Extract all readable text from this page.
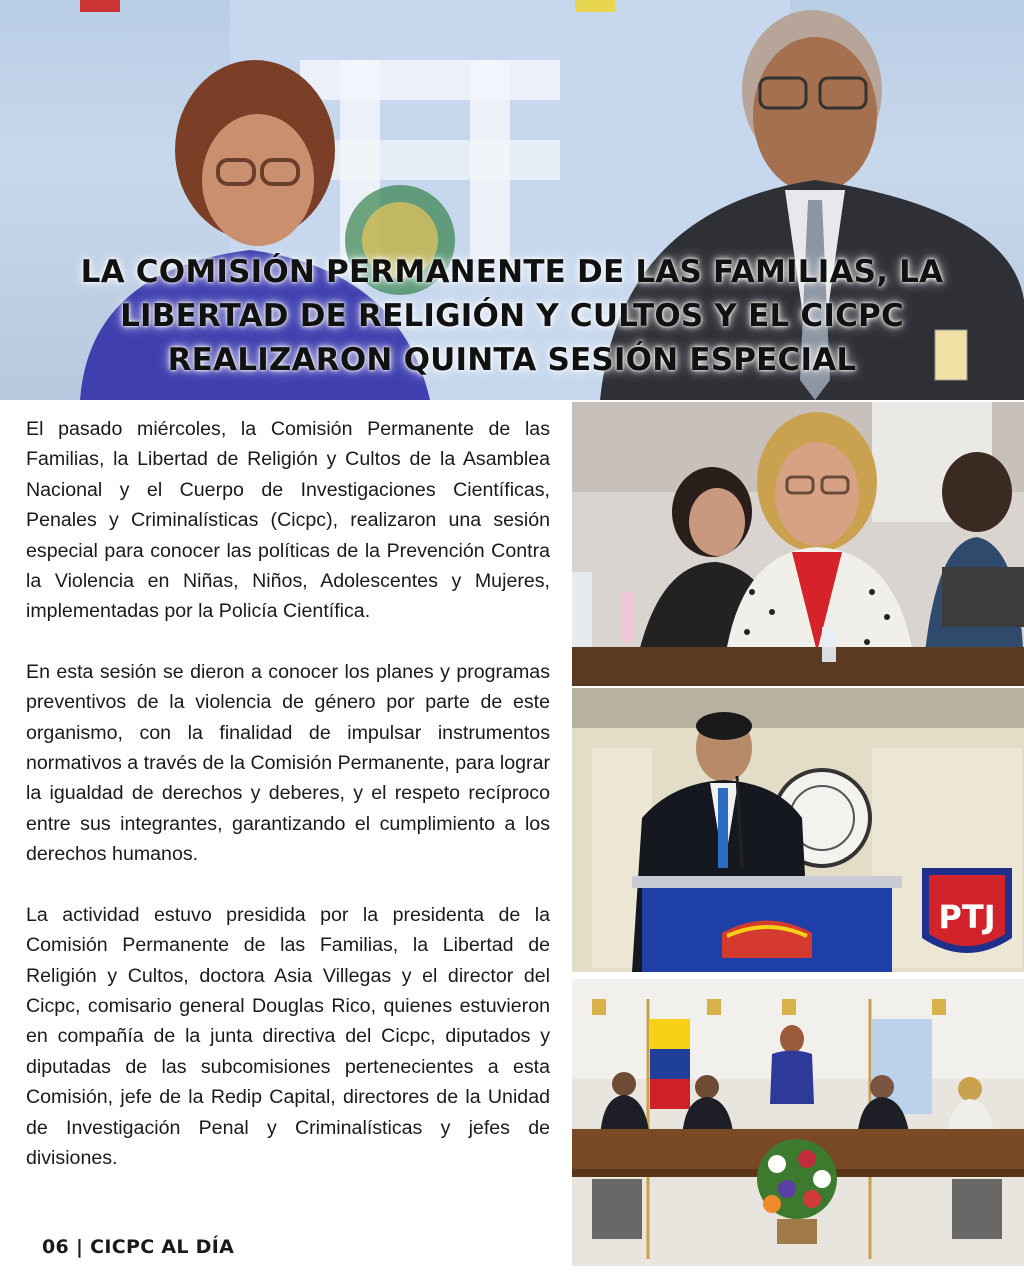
LA COMISIÓN PERMANENTE DE LAS FAMILIAS, LA
LIBERTAD DE RELIGIÓN Y CULTOS Y EL CICPC
REALIZARON QUINTA SESIÓN ESPECIAL

El pasado miércoles, la Comisión Permanente de las Familias, la Libertad de Religión y Cultos de la Asamblea Nacional y el Cuerpo de Investigaciones Científicas, Penales y Criminalísticas (Cicpc), realizaron una sesión especial para conocer las políticas de la Prevención Contra la Violencia en Niñas, Niños, Adolescentes y Mujeres, implementadas por la Policía Científica.

En esta sesión se dieron a conocer los planes y programas preventivos de la violencia de género por parte de este organismo, con la finalidad de impulsar instrumentos normativos a través de la Comisión Permanente, para lograr la igualdad de derechos y deberes, y el respeto recíproco entre sus integrantes, garantizando el cumplimiento a los derechos humanos.

La actividad estuvo presidida por la presidenta de la Comisión Permanente de las Familias, la Libertad de Religión y Cultos, doctora Asia Villegas y el director del Cicpc, comisario general Douglas Rico, quienes estuvieron en compañía de la junta directiva del Cicpc, diputados y diputadas de las subcomisiones pertenecientes a esta Comisión, jefe de la Redip Capital, directores de la Unidad de Investigación Penal y Criminalísticas y jefes de divisiones.

06 | CICPC AL DÍA
PTJ
